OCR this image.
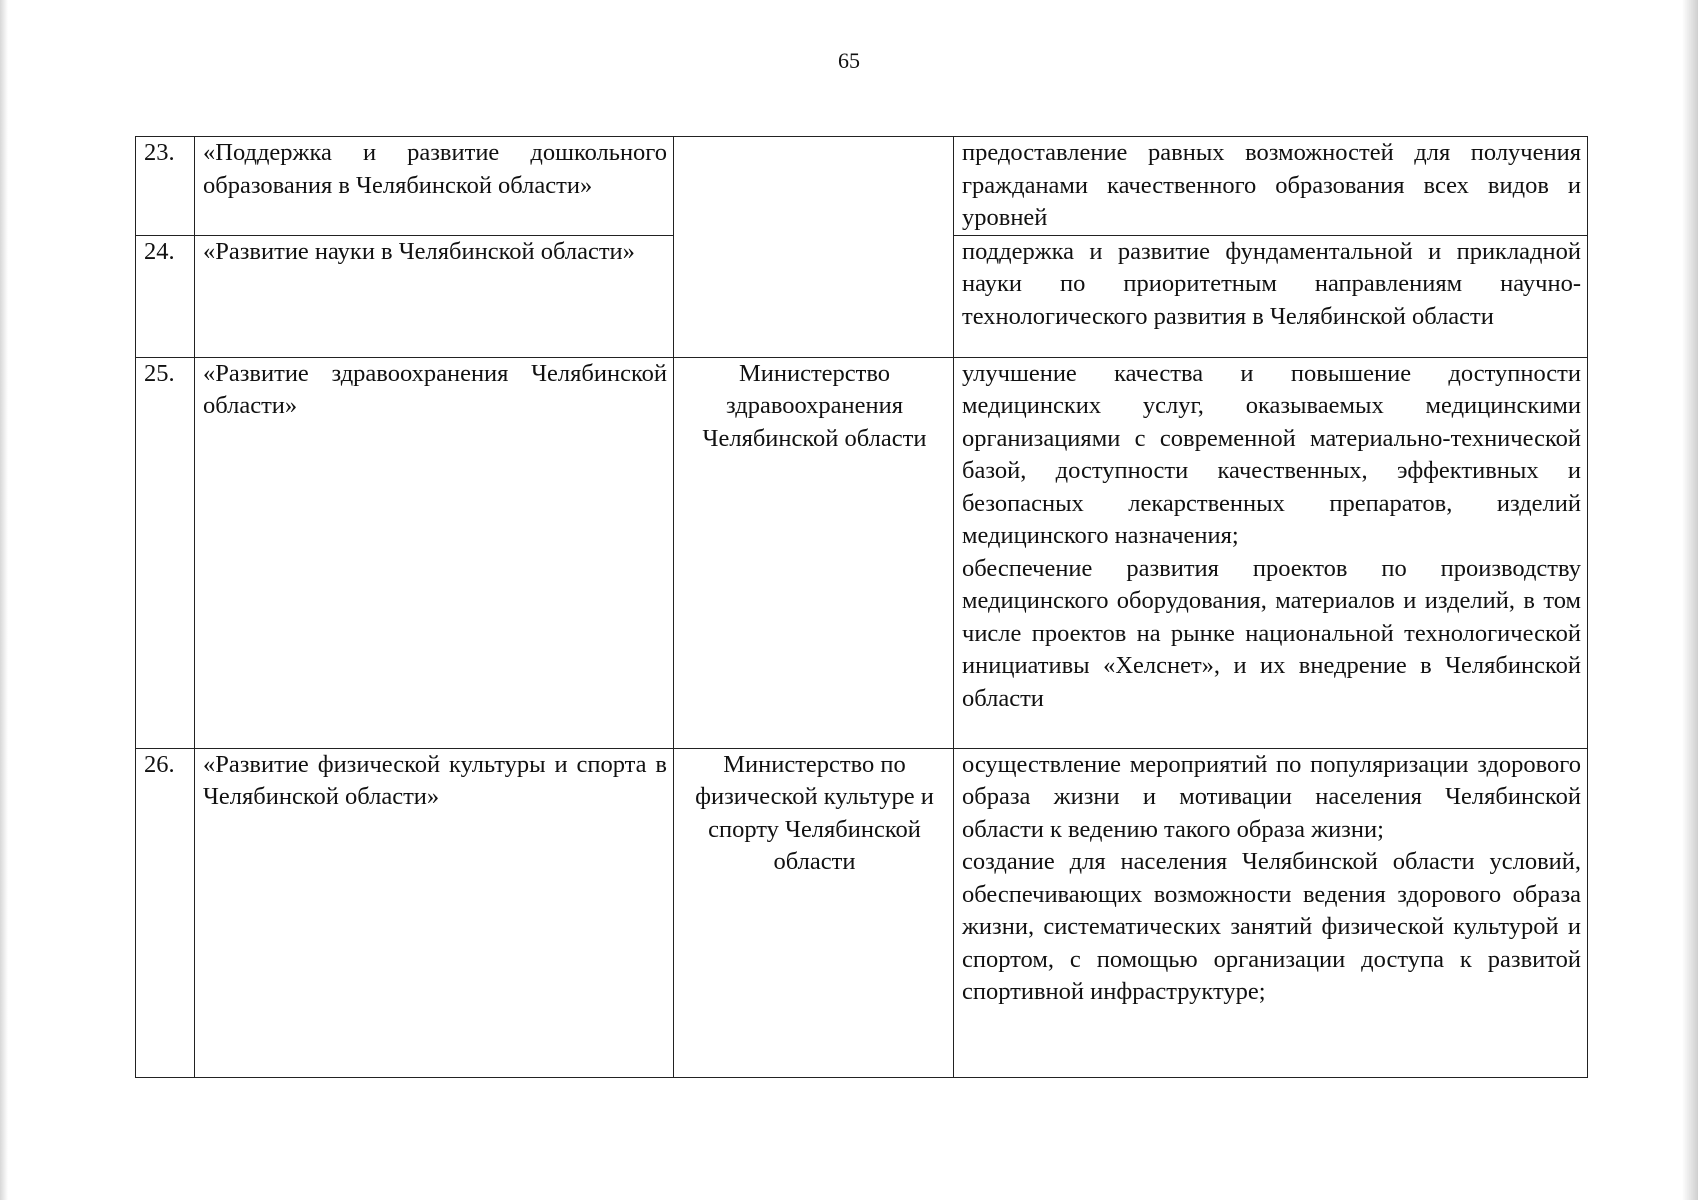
65
23.	«Поддержка и развитие дошкольного образования в Челябинской области»		предоставление равных возможностей для получения гражданами качественного образования всех видов и уровней

24.	«Развитие науки в Челябинской области»		поддержка и развитие фундаментальной и прикладной науки по приоритетным направлениям научно-технологического развития в Челябинской области

25.	«Развитие здравоохранения Челябинской области»	Министерство здравоохранения Челябинской области	улучшение качества и повышение доступности медицинских услуг, оказываемых медицинскими организациями с современной материально-технической базой, доступности качественных, эффективных и безопасных лекарственных препаратов, изделий медицинского назначения;
обеспечение развития проектов по производству медицинского оборудования, материалов и изделий, в том числе проектов на рынке национальной технологической инициативы «Хелснет», и их внедрение в Челябинской области

26.	«Развитие физической культуры и спорта в Челябинской области»	Министерство по физической культуре и спорту Челябинской области	осуществление мероприятий по популяризации здорового образа жизни и мотивации населения Челябинской области к ведению такого образа жизни;
создание для населения Челябинской области условий, обеспечивающих возможности ведения здорового образа жизни, систематических занятий физической культурой и спортом, с помощью организации доступа к развитой спортивной инфраструктуре;
